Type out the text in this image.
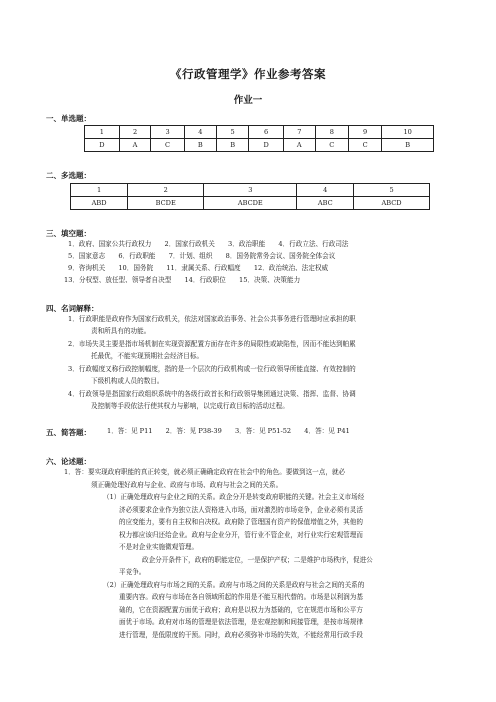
《行政管理学》作业参考答案
作业一
一、单选题：
1	2	3	4	5	6	7	8	9	10
D	A	C	B	B	D	A	C	C	B
二、多选题：
1	2	3	4	5
ABD	BCDE	ABCDE	ABC	ABCD
三、填空题：
1．政府、国家公共行政权力　　2．国家行政机关　　3．政治职能　　4．行政立法、行政司法
5．国家意志　　6．行政职能　　7．计划、组织　　8．国务院常务会议、国务院全体会议
9．咨询机关　　10．国务院　　11．隶属关系、行政幅度　　12．政治统治、法定权威
13．分权型、放任型、领导者自决型　　14．行政职位　　15．决策、决策能力
四、名词解释：
1．行政职能是政府作为国家行政机关，依法对国家政治事务、社会公共事务进行管理时应承担的职
责和所具有的功能。
2．市场失灵主要是指市场机制在实现资源配置方面存在许多的局限性或缺陷性，因而不能达到帕累
托最优，不能实现预期社会经济目标。
3．行政幅度又称行政控制幅度，指的是一个层次的行政机构或一位行政领导所能直接、有效控制的
下级机构或人员的数目。
4．行政领导是指国家行政组织系统中的各级行政首长和行政领导集团通过决策、指挥、监督、协调
及控制等手段依法行使其权力与影响，以完成行政目标的活动过程。
五、简答题： 1．答：见 P11　　2．答：见 P38-39　　3．答：见 P51-52　　4．答：见 P41
六、论述题：
1．答：要实现政府职能的真正转变，就必须正确确定政府在社会中的角色。要做到这一点，就必
须正确处理好政府与企业、政府与市场、政府与社会之间的关系。
（1）正确处理政府与企业之间的关系。政企分开是转变政府职能的关键。社会主义市场经
济必须要求企业作为独立法人资格进入市场，面对激烈的市场竞争，企业必须有灵活
的应变能力，要有自主权和自决权。政府除了管理国有资产的保值增值之外，其他的
权力都应该归还给企业。政府与企业分开，管行业不管企业，对行业实行宏观管理而
不是对企业实施微观管理。
政企分开条件下，政府的职能定位，一是保护产权；二是维护市场秩序，促进公
平竞争。
（2）正确处理政府与市场之间的关系。政府与市场之间的关系是政府与社会之间的关系的
重要内容。政府与市场在各自领域所起的作用是不能互相代替的。市场是以利润为基
础的，它在资源配置方面优于政府；政府是以权力为基础的，它在规范市场和公平方
面优于市场。政府对市场的管理是依法管理，是宏观控制和间接管理，是按市场规律
进行管理，是低限度的干预。同时，政府必须弥补市场的失效，不能经常用行政手段
